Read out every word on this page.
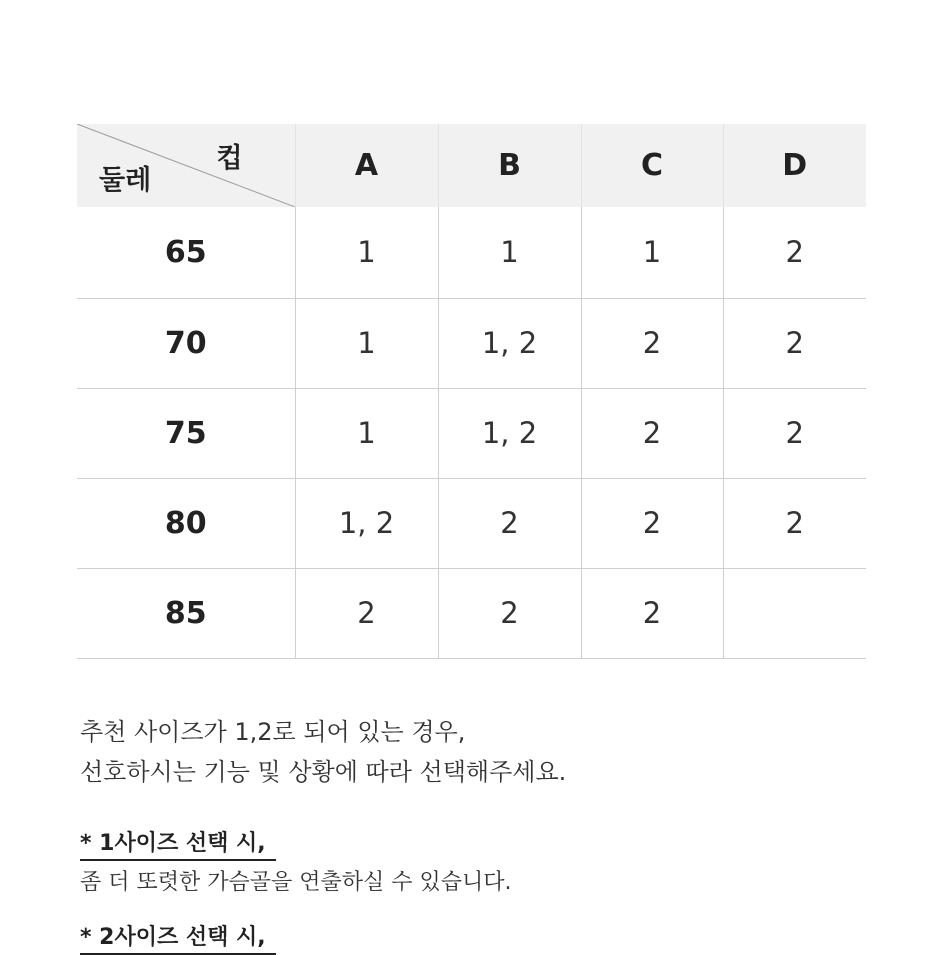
컵
둘레	A	B	C	D
65	1	1	1	2
70	1	1, 2	2	2
75	1	1, 2	2	2
80	1, 2	2	2	2
85	2	2	2	

추천 사이즈가 1,2로 되어 있는 경우,

선호하시는 기능 및 상황에 따라 선택해주세요.

* 1사이즈 선택 시,
좀 더 또렷한 가슴골을 연출하실 수 있습니다.
* 2사이즈 선택 시,
